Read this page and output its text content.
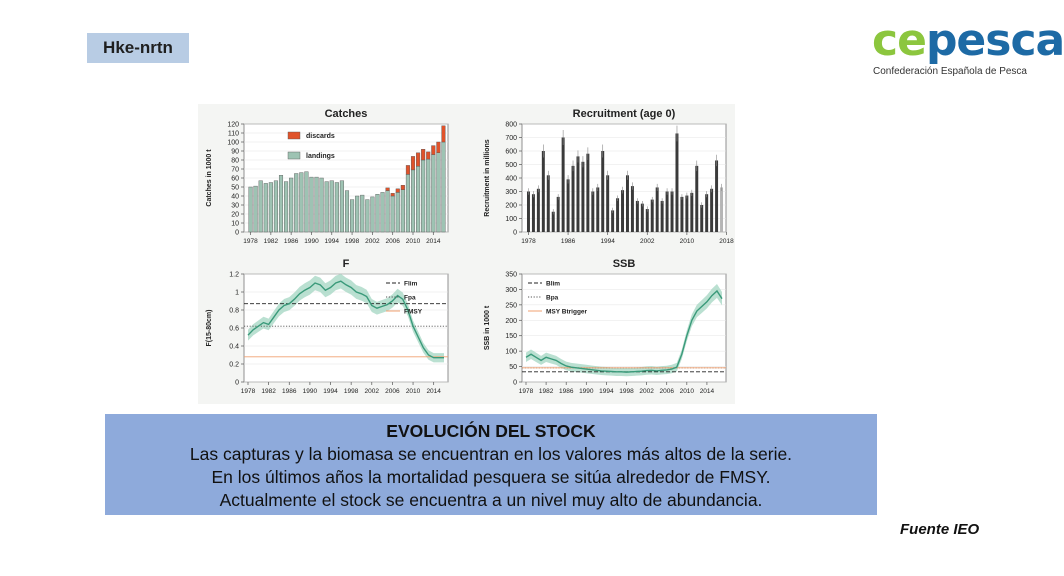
Hke-nrtn	cepesca
Confederación Española de Pesca
Catches
Catches in 1000 t
0
10
20
30
40
50
60
70
80
90
100
110
120
1978 1982 1986 1990 1994 1998 2002 2006 2010 2014
discards
landings
Recruitment (age 0)
Recruitment in millions
0
100
200
300
400
500
600
700
800
1978	1986	1994	2002	2010	2018
F
F(15-80cm)
0
0.2
0.4
0.6
0.8
1
1.2
1978 1982 1986 1990 1994 1998 2002 2006 2010 2014
Flim
Fpa
FMSY
SSB
SSB in 1000 t
0
50
100
150
200
250
300
350
1978 1982 1986 1990 1994 1998 2002 2006 2010 2014
Blim
Bpa
MSY Btrigger
EVOLUCIÓN DEL STOCK
Las capturas y la biomasa se encuentran en los valores más altos de la serie.
En los últimos años la mortalidad pesquera se sitúa alrededor de FMSY.
Actualmente el stock se encuentra a un nivel muy alto de abundancia.
Fuente IEO
